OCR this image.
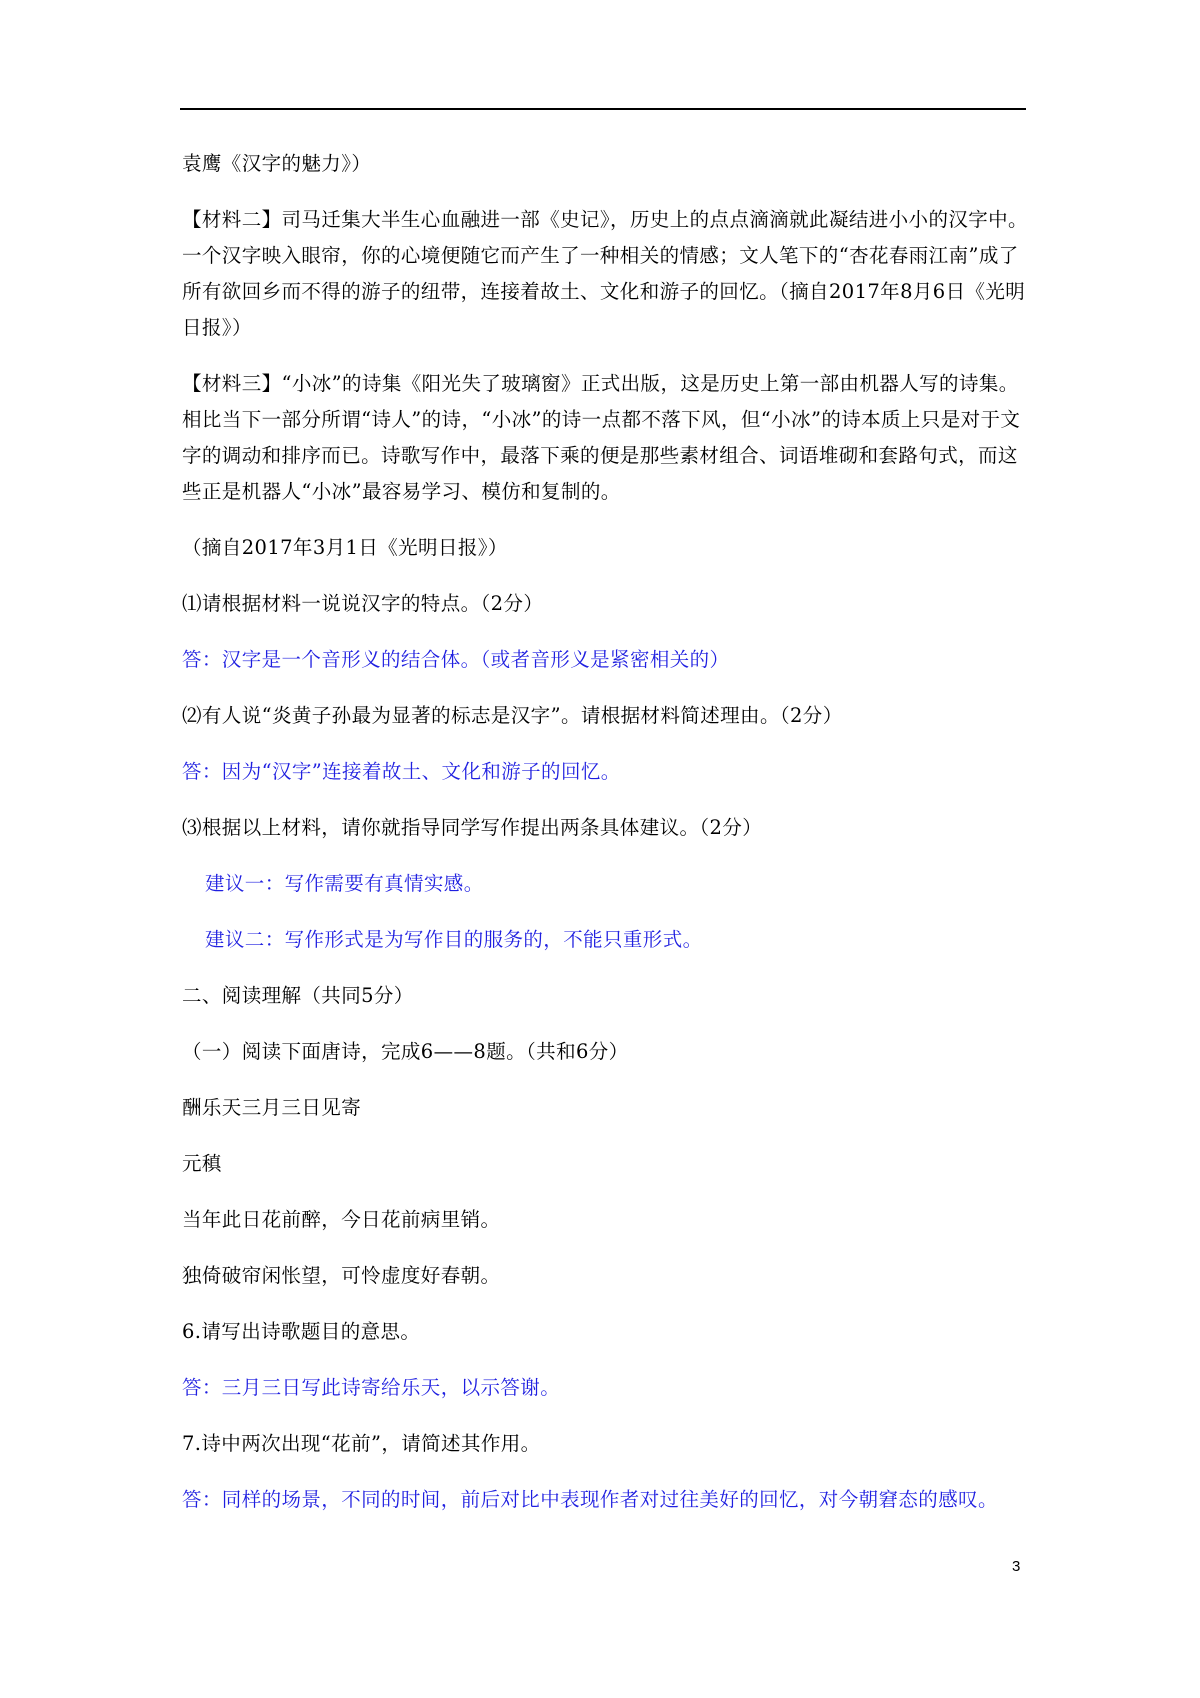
袁鹰《汉字的魅力》）

【材料二】司马迁集大半生心血融进一部《史记》，历史上的点点滴滴就此凝结进小小的汉字中。一个汉字映入眼帘，你的心境便随它而产生了一种相关的情感；文人笔下的“杏花春雨江南”成了所有欲回乡而不得的游子的纽带，连接着故土、文化和游子的回忆。（摘自2017年8月6日《光明日报》）

【材料三】“小冰”的诗集《阳光失了玻璃窗》正式出版，这是历史上第一部由机器人写的诗集。相比当下一部分所谓“诗人”的诗，“小冰”的诗一点都不落下风，但“小冰”的诗本质上只是对于文字的调动和排序而已。诗歌写作中，最落下乘的便是那些素材组合、词语堆砌和套路句式，而这些正是机器人“小冰”最容易学习、模仿和复制的。

（摘自2017年3月1日《光明日报》）

⑴请根据材料一说说汉字的特点。（2分）

答：汉字是一个音形义的结合体。（或者音形义是紧密相关的）

⑵有人说“炎黄子孙最为显著的标志是汉字”。请根据材料简述理由。（2分）

答：因为“汉字”连接着故土、文化和游子的回忆。

⑶根据以上材料，请你就指导同学写作提出两条具体建议。（2分）

建议一：写作需要有真情实感。

建议二：写作形式是为写作目的服务的，不能只重形式。

二、阅读理解（共同5分）

（一）阅读下面唐诗，完成6——8题。（共和6分）

酬乐天三月三日见寄

元稹

当年此日花前醉，今日花前病里销。

独倚破帘闲怅望，可怜虚度好春朝。

6.请写出诗歌题目的意思。

答：三月三日写此诗寄给乐天，以示答谢。

7.诗中两次出现“花前”，请简述其作用。

答：同样的场景，不同的时间，前后对比中表现作者对过往美好的回忆，对今朝窘态的感叹。

3
